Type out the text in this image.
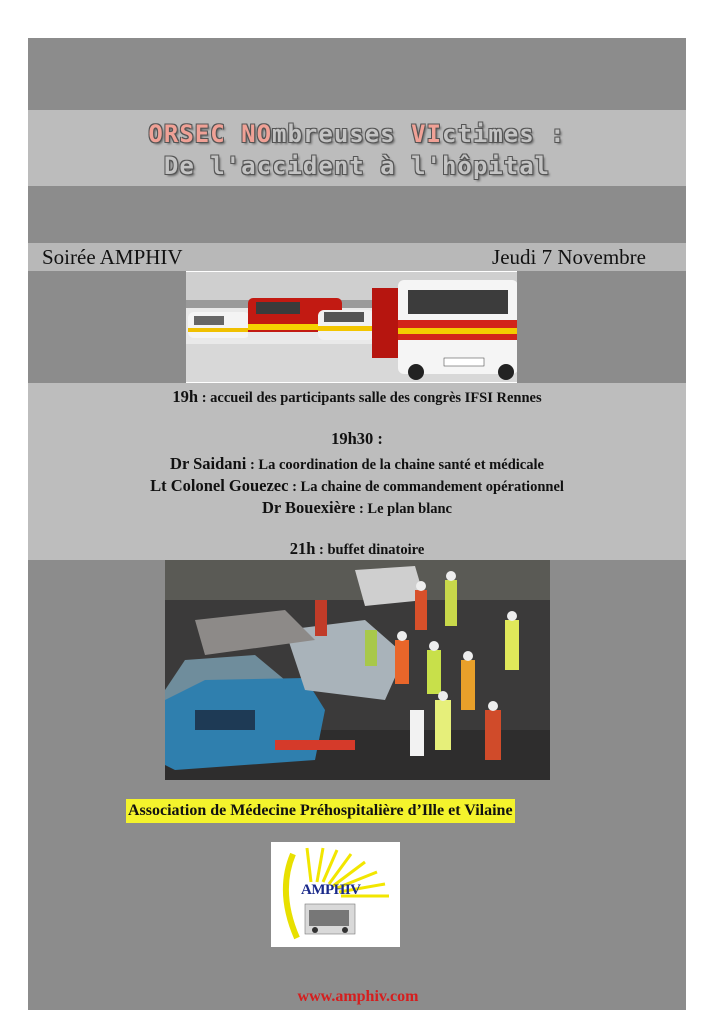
ORSEC NOmbreuses VIctimes :
De l'accident à l'hôpital
Soirée AMPHIV	Jeudi 7 Novembre
19h : accueil des participants salle des congrès IFSI Rennes
19h30 :
Dr Saidani : La coordination de la chaine santé et médicale
Lt Colonel Gouezec : La chaine de commandement opérationnel
Dr Bouexière : Le plan blanc
21h : buffet dinatoire
Association de Médecine Préhospitalière d’Ille et Vilaine
AMPHIV
www.amphiv.com
